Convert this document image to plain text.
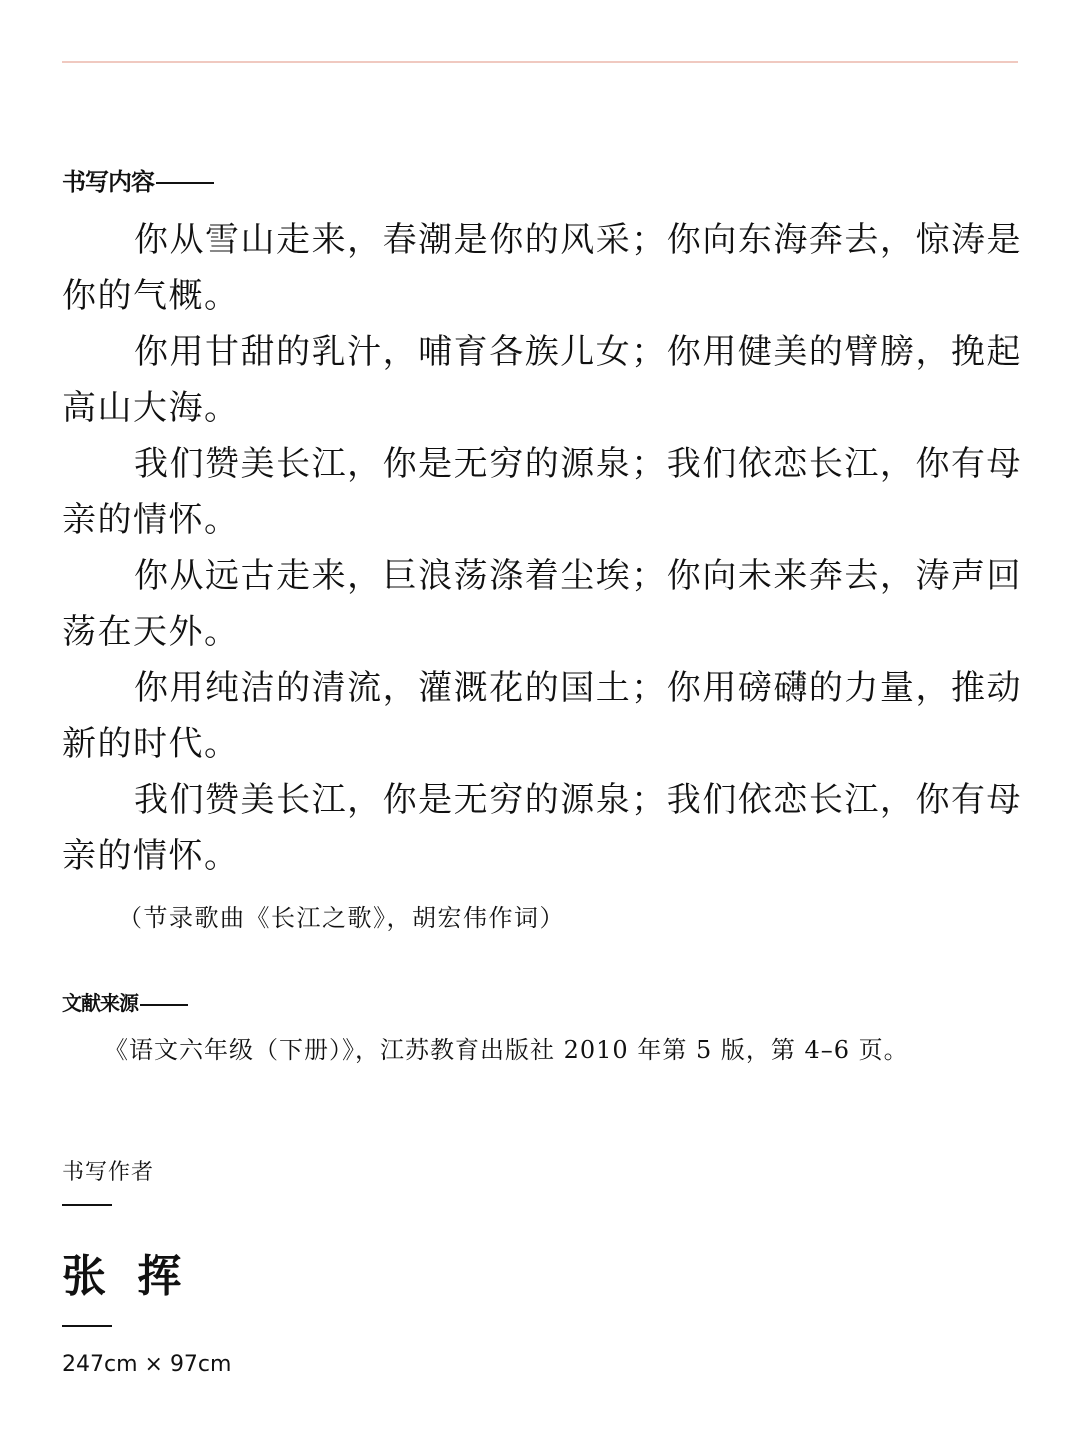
书写内容

你从雪山走来，春潮是你的风采；你向东海奔去，惊涛是你的气概。

你用甘甜的乳汁，哺育各族儿女；你用健美的臂膀，挽起高山大海。

我们赞美长江，你是无穷的源泉；我们依恋长江，你有母亲的情怀。

你从远古走来，巨浪荡涤着尘埃；你向未来奔去，涛声回荡在天外。

你用纯洁的清流，灌溉花的国土；你用磅礴的力量，推动新的时代。

我们赞美长江，你是无穷的源泉；我们依恋长江，你有母亲的情怀。

（节录歌曲《长江之歌》，胡宏伟作词）
文献来源
《语文六年级（下册）》，江苏教育出版社 2010 年第 5 版，第 4–6 页。
书写作者
张 挥
247cm × 97cm
